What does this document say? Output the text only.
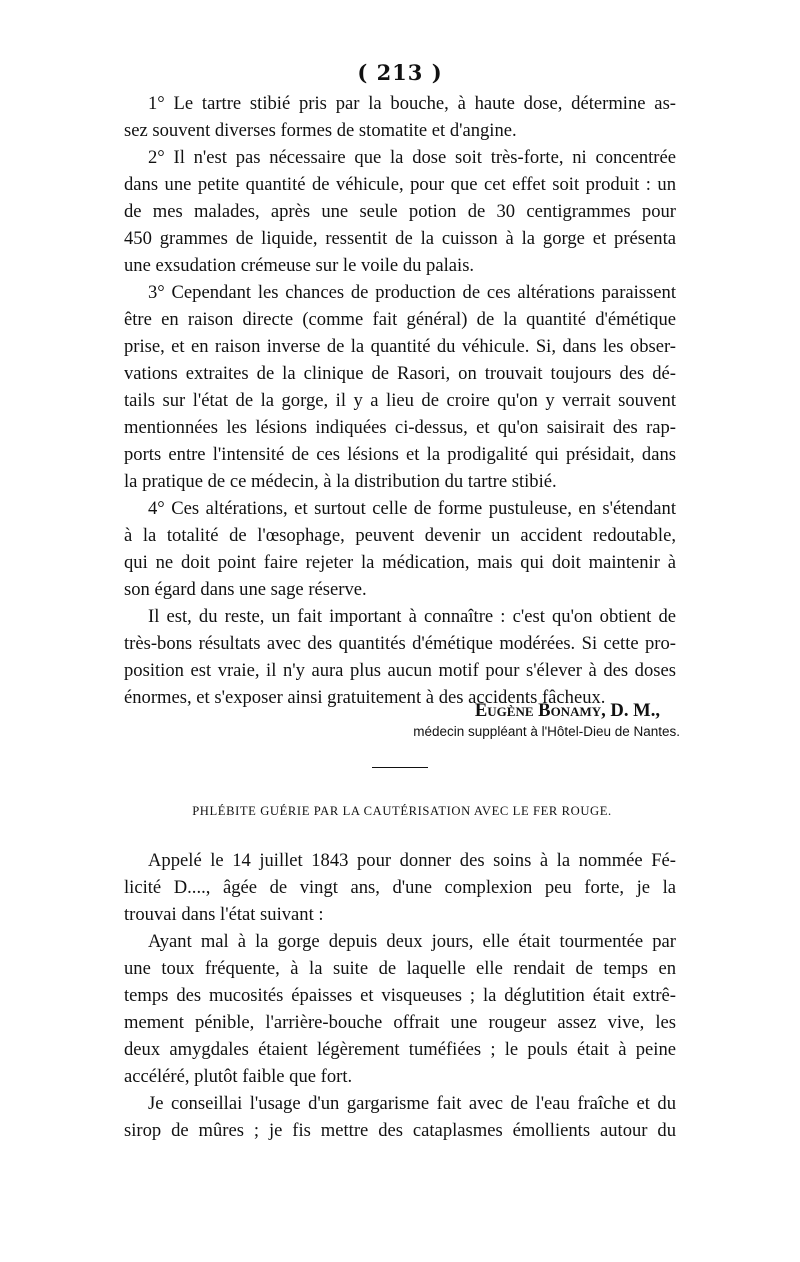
( 213 )
1° Le tartre stibié pris par la bouche, à haute dose, détermine as-
sez souvent diverses formes de stomatite et d'angine.
2° Il n'est pas nécessaire que la dose soit très-forte, ni concentrée
dans une petite quantité de véhicule, pour que cet effet soit produit : un
de mes malades, après une seule potion de 30 centigrammes pour
450 grammes de liquide, ressentit de la cuisson à la gorge et présenta
une exsudation crémeuse sur le voile du palais.
3° Cependant les chances de production de ces altérations paraissent
être en raison directe (comme fait général) de la quantité d'émétique
prise, et en raison inverse de la quantité du véhicule. Si, dans les obser-
vations extraites de la clinique de Rasori, on trouvait toujours des dé-
tails sur l'état de la gorge, il y a lieu de croire qu'on y verrait souvent
mentionnées les lésions indiquées ci-dessus, et qu'on saisirait des rap-
ports entre l'intensité de ces lésions et la prodigalité qui présidait, dans
la pratique de ce médecin, à la distribution du tartre stibié.
4° Ces altérations, et surtout celle de forme pustuleuse, en s'étendant
à la totalité de l'œsophage, peuvent devenir un accident redoutable,
qui ne doit point faire rejeter la médication, mais qui doit maintenir à
son égard dans une sage réserve.
Il est, du reste, un fait important à connaître : c'est qu'on obtient de
très-bons résultats avec des quantités d'émétique modérées. Si cette pro-
position est vraie, il n'y aura plus aucun motif pour s'élever à des doses
énormes, et s'exposer ainsi gratuitement à des accidents fâcheux.
Eugène Bonamy, D. M.,
médecin suppléant à l'Hôtel-Dieu de Nantes.
PHLÉBITE GUÉRIE PAR LA CAUTÉRISATION AVEC LE FER ROUGE.
Appelé le 14 juillet 1843 pour donner des soins à la nommée Fé-
licité D...., âgée de vingt ans, d'une complexion peu forte, je la
trouvai dans l'état suivant :
Ayant mal à la gorge depuis deux jours, elle était tourmentée par
une toux fréquente, à la suite de laquelle elle rendait de temps en
temps des mucosités épaisses et visqueuses ; la déglutition était extrê-
mement pénible, l'arrière-bouche offrait une rougeur assez vive, les
deux amygdales étaient légèrement tuméfiées ; le pouls était à peine
accéléré, plutôt faible que fort.
Je conseillai l'usage d'un gargarisme fait avec de l'eau fraîche et du
sirop de mûres ; je fis mettre des cataplasmes émollients autour du
